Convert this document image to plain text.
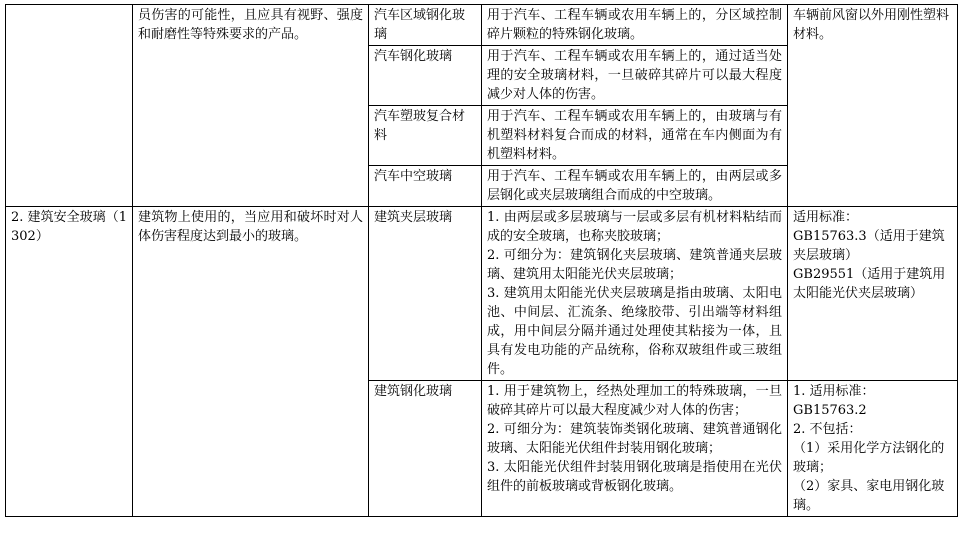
	员伤害的可能性，且应具有视野、强度和耐磨性等特殊要求的产品。	汽车区域钢化玻璃	用于汽车、工程车辆或农用车辆上的，分区域控制碎片颗粒的特殊钢化玻璃。	车辆前风窗以外用刚性塑料材料。

		汽车钢化玻璃	用于汽车、工程车辆或农用车辆上的，通过适当处理的安全玻璃材料，一旦破碎其碎片可以最大程度减少对人体的伤害。	

		汽车塑玻复合材料	用于汽车、工程车辆或农用车辆上的，由玻璃与有机塑料材料复合而成的材料，通常在车内侧面为有机塑料材料。	

		汽车中空玻璃	用于汽车、工程车辆或农用车辆上的，由两层或多层钢化或夹层玻璃组合而成的中空玻璃。	

2. 建筑安全玻璃（1302）	建筑物上使用的，当应用和破坏时对人体伤害程度达到最小的玻璃。	建筑夹层玻璃	1. 由两层或多层玻璃与一层或多层有机材料粘结而成的安全玻璃，也称夹胶玻璃；
2. 可细分为：建筑钢化夹层玻璃、建筑普通夹层玻璃、建筑用太阳能光伏夹层玻璃；
3. 建筑用太阳能光伏夹层玻璃是指由玻璃、太阳电池、中间层、汇流条、绝缘胶带、引出端等材料组成，用中间层分隔并通过处理使其粘接为一体，且具有发电功能的产品统称，俗称双玻组件或三玻组件。	适用标准：
GB15763.3（适用于建筑夹层玻璃）
GB29551（适用于建筑用太阳能光伏夹层玻璃）

		建筑钢化玻璃	1. 用于建筑物上，经热处理加工的特殊玻璃，一旦破碎其碎片可以最大程度减少对人体的伤害；
2. 可细分为：建筑装饰类钢化玻璃、建筑普通钢化玻璃、太阳能光伏组件封装用钢化玻璃；
3. 太阳能光伏组件封装用钢化玻璃是指使用在光伏组件的前板玻璃或背板钢化玻璃。	1. 适用标准：
GB15763.2
2. 不包括：
（1）采用化学方法钢化的玻璃；
（2）家具、家电用钢化玻璃。
